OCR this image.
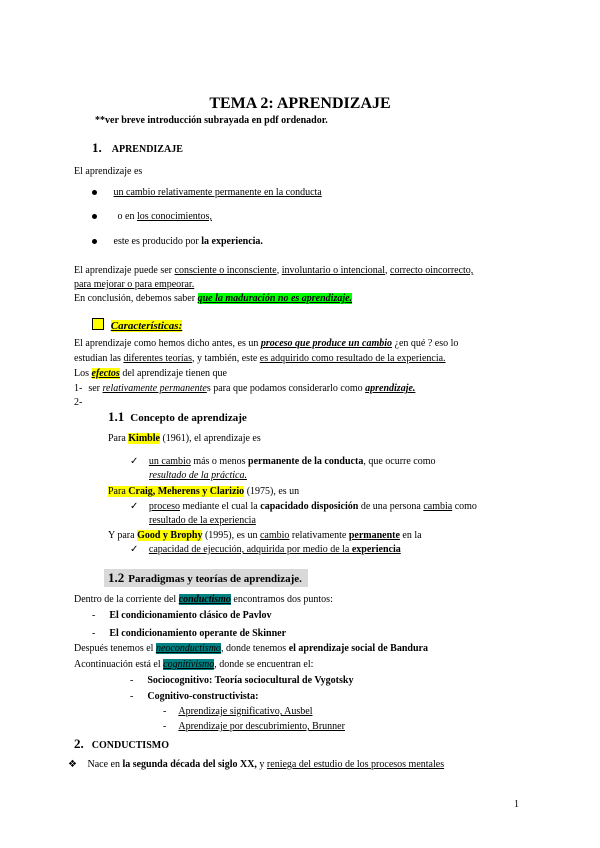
TEMA 2: APRENDIZAJE
**ver breve introducción subrayada en pdf ordenador.
1. APRENDIZAJE
El aprendizaje es
un cambio relativamente permanente en la conducta
o en los conocimientos,
este es producido por la experiencia.
El aprendizaje puede ser consciente o inconsciente, involuntario o intencional, correcto oincorrecto,
para mejorar o para empeorar.
En conclusión, debemos saber que la maduración no es aprendizaje.
Características:
El aprendizaje como hemos dicho antes, es un proceso que produce un cambio ¿en qué ? eso lo
estudian las diferentes teorías, y también, este es adquirido como resultado de la experiencia.
Los efectos del aprendizaje tienen que
1- ser relativamente permanentes para que podamos considerarlo como aprendizaje.
2-
1.1 Concepto de aprendizaje
Para Kimble (1961), el aprendizaje es
✓ un cambio más o menos permanente de la conducta, que ocurre como
resultado de la práctica.
Para Craig, Meherens y Clarizio (1975), es un
✓ proceso mediante el cual la capacidado disposición de una persona cambia como
resultado de la experiencia
Y para Good y Brophy (1995), es un cambio relativamente permanente en la
✓ capacidad de ejecución, adquirida por medio de la experiencia
1.2 Paradigmas y teorías de aprendizaje.
Dentro de la corriente del conductismo encontramos dos puntos:
- El condicionamiento clásico de Pavlov
- El condicionamiento operante de Skinner
Después tenemos el neoconductismo, donde tenemos el aprendizaje social de Bandura
Acontinuación está el cognitivismo, donde se encuentran el:
- Sociocognitivo: Teoría sociocultural de Vygotsky
- Cognitivo-constructivista:
- Aprendizaje significativo, Ausbel
- Aprendizaje por descubrimiento, Brunner
2. CONDUCTISMO
❖ Nace en la segunda década del siglo XX, y reniega del estudio de los procesos mentales
1
